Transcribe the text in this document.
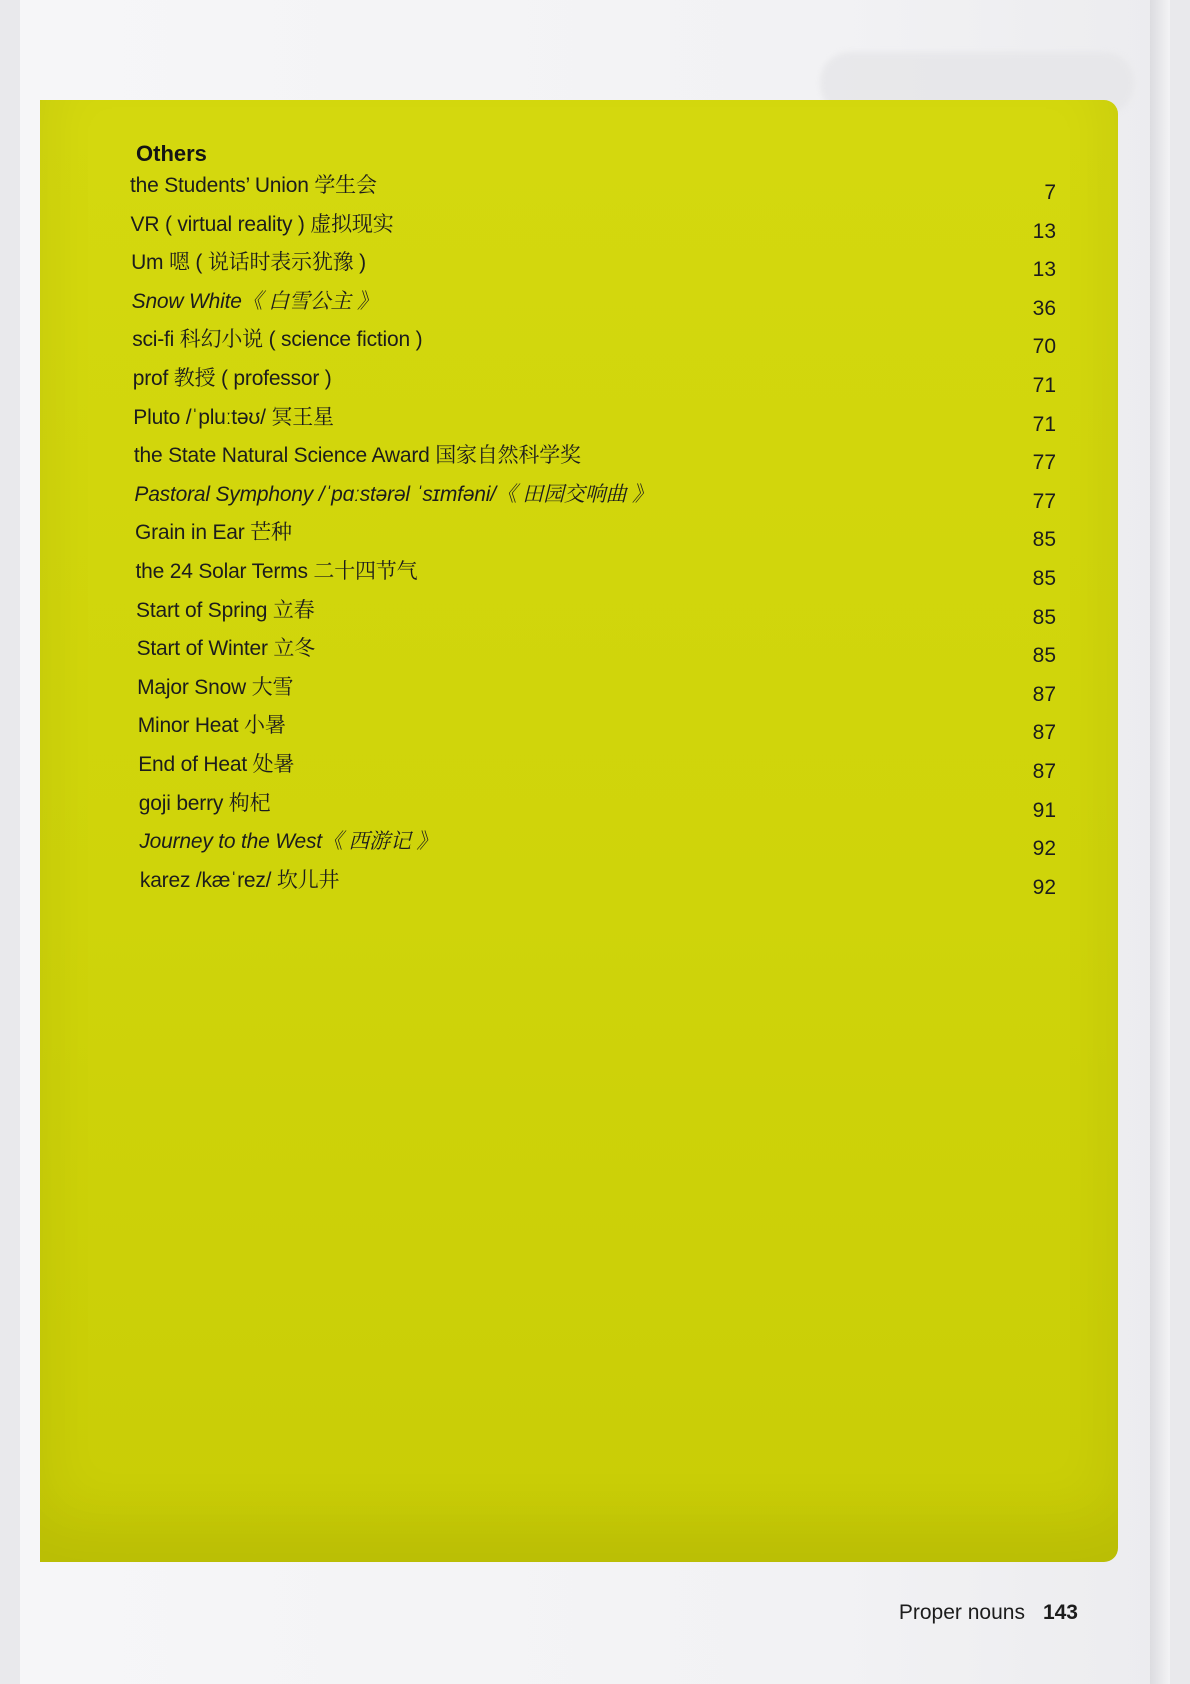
Others
the Students’ Union 学生会	7
VR ( virtual reality ) 虚拟现实	13
Um 嗯 ( 说话时表示犹豫 )	13
Snow White《 白雪公主 》	36
sci-fi 科幻小说 ( science fiction )	70
prof 教授 ( professor )	71
Pluto /ˈpluːtəʊ/ 冥王星	71
the State Natural Science Award 国家自然科学奖	77
Pastoral Symphony /ˈpɑːstərəl ˈsɪmfəni/《 田园交响曲 》	77
Grain in Ear 芒种	85
the 24 Solar Terms 二十四节气	85
Start of Spring 立春	85
Start of Winter 立冬	85
Major Snow 大雪	87
Minor Heat 小暑	87
End of Heat 处暑	87
goji berry 枸杞	91
Journey to the West《 西游记 》	92
karez /kæˈrez/ 坎儿井	92
Proper nouns 143
